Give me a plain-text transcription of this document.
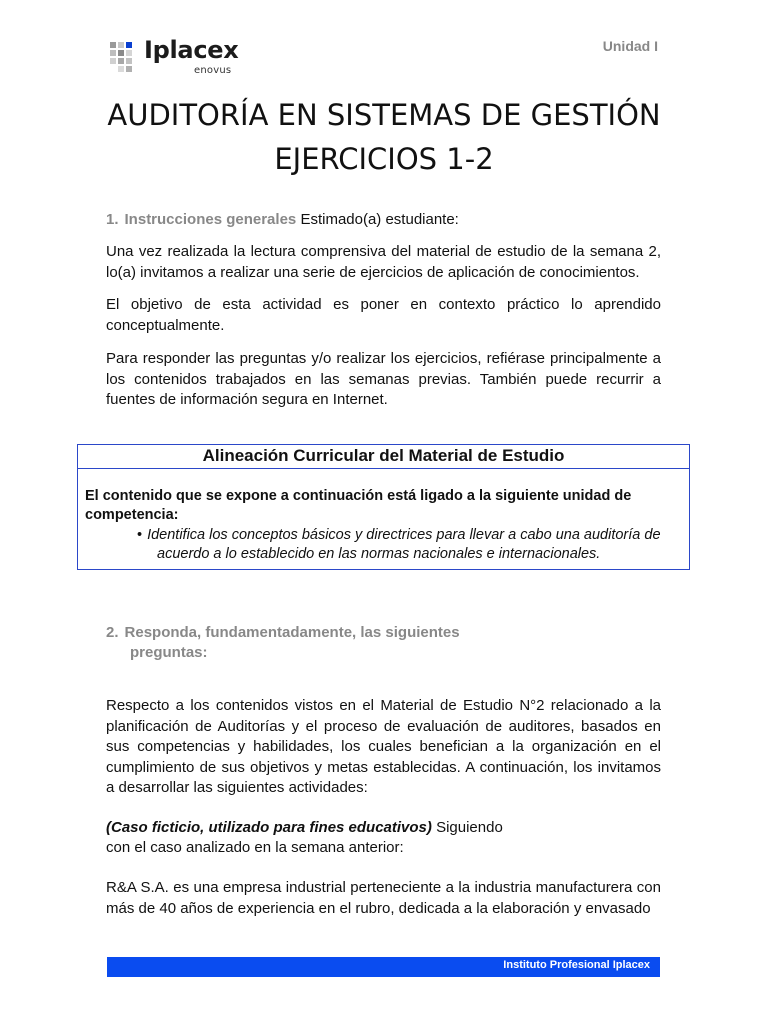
Iplacex
enovus
Unidad I
AUDITORÍA EN SISTEMAS DE GESTIÓN
EJERCICIOS 1-2
1. Instrucciones generales Estimado(a) estudiante:
Una vez realizada la lectura comprensiva del material de estudio de la semana 2, lo(a) invitamos a realizar una serie de ejercicios de aplicación de conocimientos.
El objetivo de esta actividad es poner en contexto práctico lo aprendido conceptualmente.
Para responder las preguntas y/o realizar los ejercicios, refiérase principalmente a los contenidos trabajados en las semanas previas. También puede recurrir a fuentes de información segura en Internet.
Alineación Curricular del Material de Estudio
El contenido que se expone a continuación está ligado a la siguiente unidad de competencia:
• Identifica los conceptos básicos y directrices para llevar a cabo una auditoría de
acuerdo a lo establecido en las normas nacionales e internacionales.
2. Responda, fundamentadamente, las siguientes
preguntas:
Respecto a los contenidos vistos en el Material de Estudio N°2 relacionado a la planificación de Auditorías y el proceso de evaluación de auditores, basados en sus competencias y habilidades, los cuales benefician a la organización en el cumplimiento de sus objetivos y metas establecidas. A continuación, los invitamos a desarrollar las siguientes actividades:
(Caso ficticio, utilizado para fines educativos) Siguiendo
con el caso analizado en la semana anterior:
R&A S.A. es una empresa industrial perteneciente a la industria manufacturera con más de 40 años de experiencia en el rubro, dedicada a la elaboración y envasado
Instituto Profesional Iplacex
